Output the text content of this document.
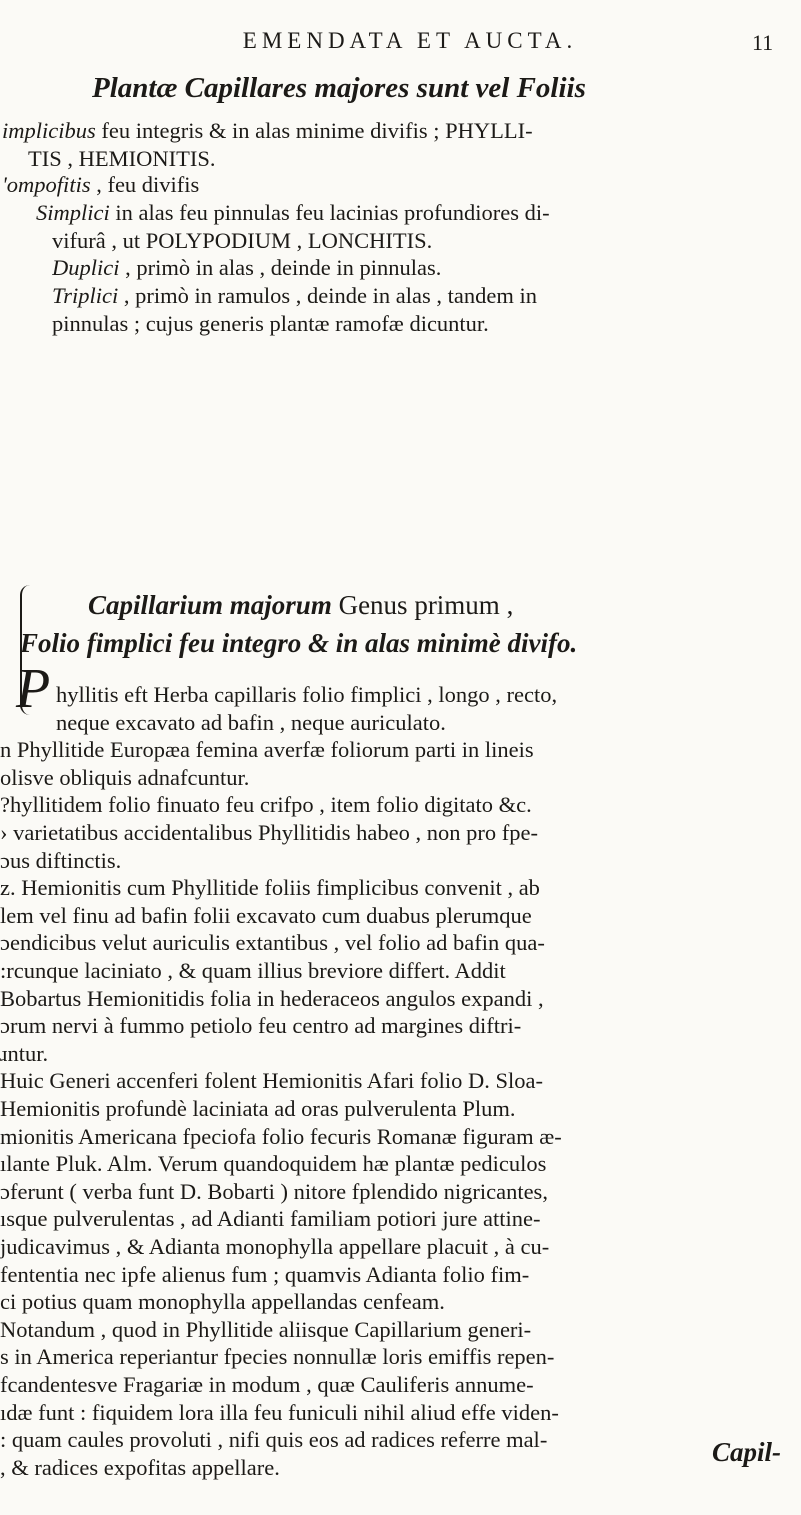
EMENDATA ET AUCTA.	11
Plantæ Capillares majores sunt vel Foliis
implicibus feu integris & in alas minime divifis ; PHYLLI-
TIS , HEMIONITIS.
'ompofitis , feu divifis
Simplici in alas feu pinnulas feu lacinias profundiores di-
vifurâ , ut POLYPODIUM , LONCHITIS.
Duplici , primò in alas , deinde in pinnulas.
Triplici , primò in ramulos , deinde in alas , tandem in
pinnulas ; cujus generis plantæ ramofæ dicuntur.
Capillarium majorum Genus primum ,
Folio fimplici feu integro & in alas minimè divifo.
P hyllitis eft Herba capillaris folio fimplici , longo , recto,
neque excavato ad bafin , neque auriculato.
n Phyllitide Europæa femina averfæ foliorum parti in lineis
olisve obliquis adnafcuntur.
?hyllitidem folio finuato feu crifpo , item folio digitato &c.
› varietatibus accidentalibus Phyllitidis habeo , non pro fpe-
ɔus diftinctis.
z. Hemionitis cum Phyllitide foliis fimplicibus convenit , ab
lem vel finu ad bafin folii excavato cum duabus plerumque
ɔendicibus velut auriculis extantibus , vel folio ad bafin qua-
:rcunque laciniato , & quam illius breviore differt. Addit
Bobartus Hemionitidis folia in hederaceos angulos expandi ,
ɔrum nervi à fummo petiolo feu centro ad margines diftri-
ɹntur.
Huic Generi accenferi folent Hemionitis Afari folio D. Sloa-
Hemionitis profundè laciniata ad oras pulverulenta Plum.
mionitis Americana fpeciofa folio fecuris Romanæ figuram æ-
ılante Pluk. Alm. Verum quandoquidem hæ plantæ pediculos
ɔferunt ( verba funt D. Bobarti ) nitore fplendido nigricantes,
ısque pulverulentas , ad Adianti familiam potiori jure attine-
judicavimus , & Adianta monophylla appellare placuit , à cu-
fententia nec ipfe alienus fum ; quamvis Adianta folio fim-
ci potius quam monophylla appellandas cenfeam.
Notandum , quod in Phyllitide aliisque Capillarium generi-
s in America reperiantur fpecies nonnullæ loris emiffis repen-
fcandentesve Fragariæ in modum , quæ Cauliferis annume-
ıdæ funt : fiquidem lora illa feu funiculi nihil aliud effe viden-
: quam caules provoluti , nifi quis eos ad radices referre mal-
, & radices expofitas appellare.
Capil-
